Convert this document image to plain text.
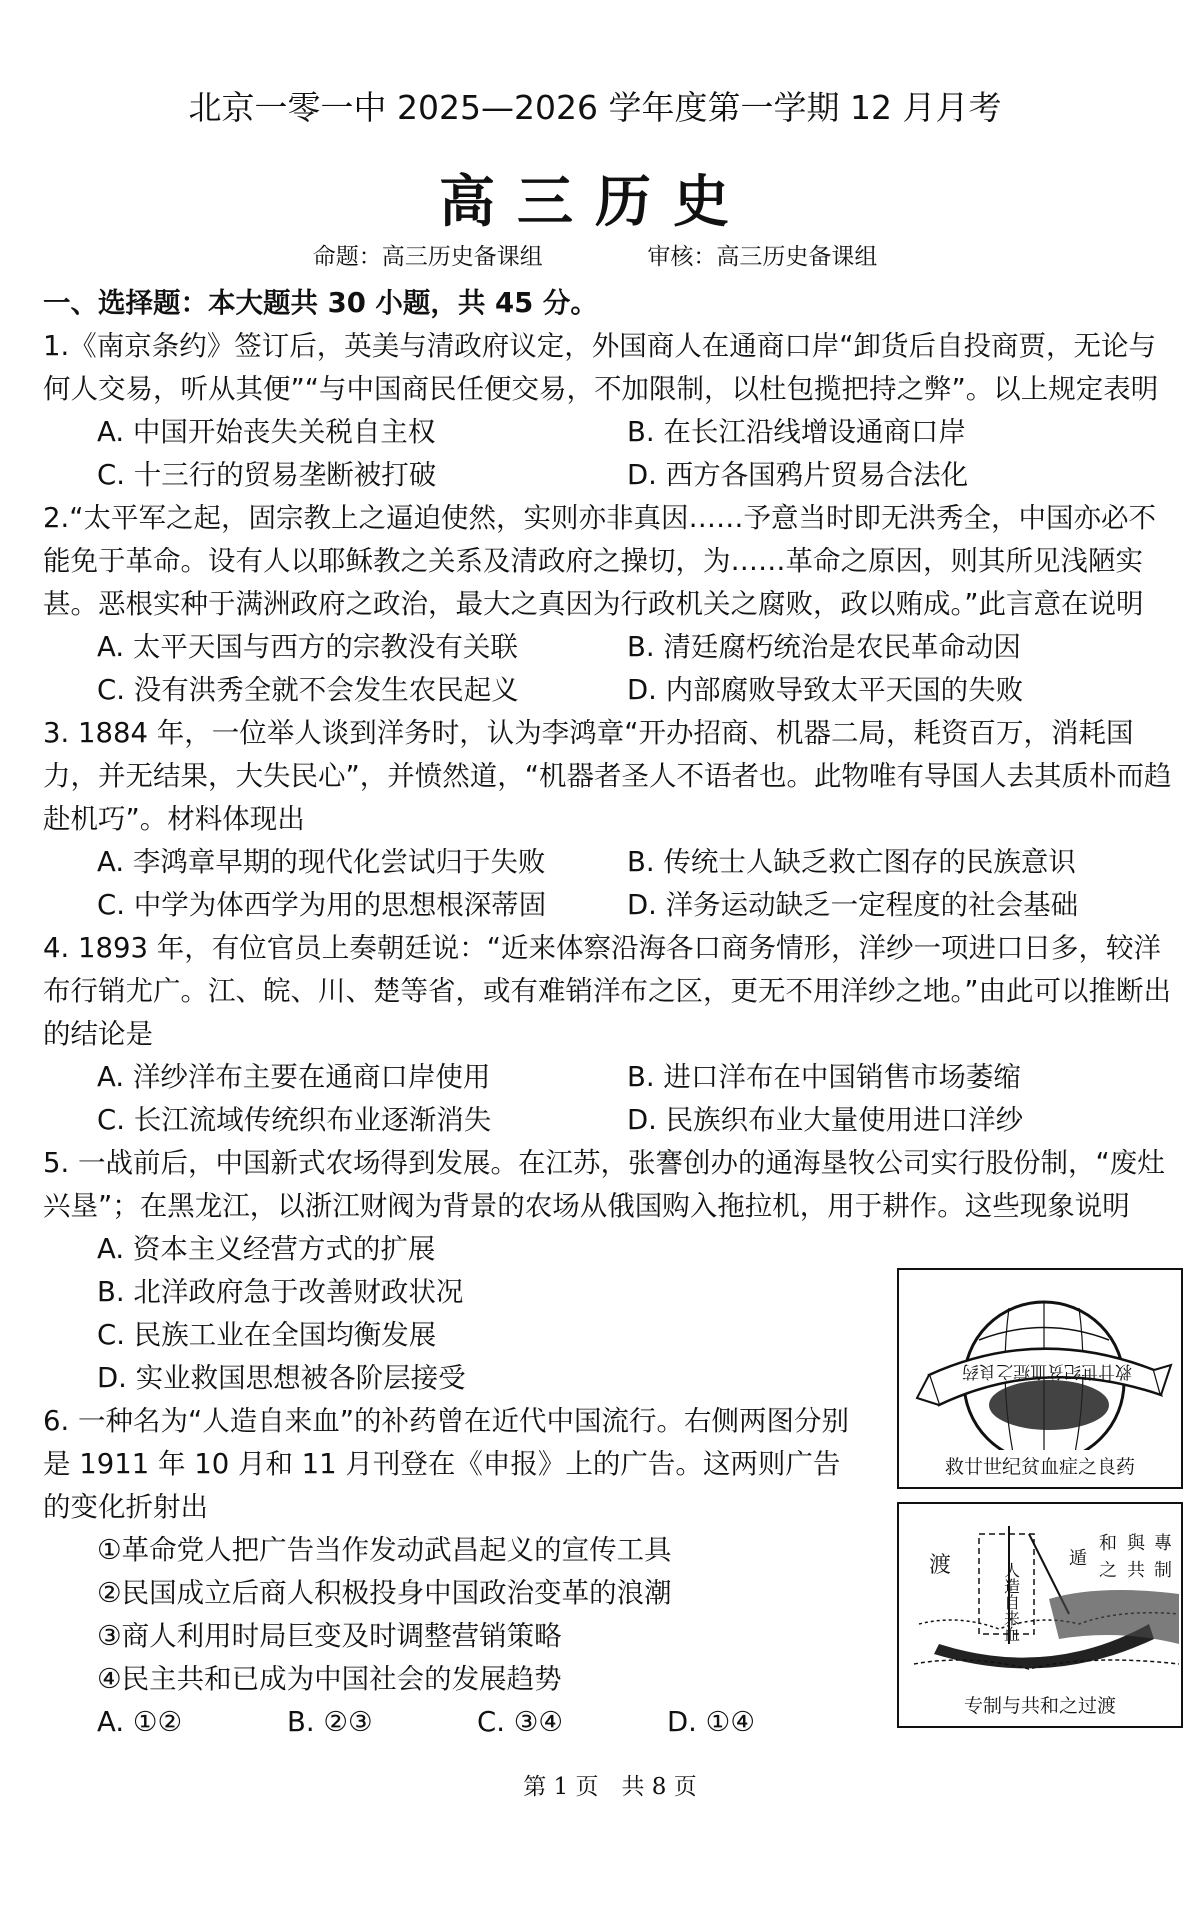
北京一零一中 2025—2026 学年度第一学期 12 月月考
高三历史
命题：高三历史备课组	审核：高三历史备课组
一、选择题：本大题共 30 小题，共 45 分。
1.《南京条约》签订后，英美与清政府议定，外国商人在通商口岸“卸货后自投商贾，无论与何人交易，听从其便”“与中国商民任便交易，不加限制，以杜包揽把持之弊”。以上规定表明
A. 中国开始丧失关税自主权	B. 在长江沿线增设通商口岸
C. 十三行的贸易垄断被打破	D. 西方各国鸦片贸易合法化
2.“太平军之起，固宗教上之逼迫使然，实则亦非真因……予意当时即无洪秀全，中国亦必不能免于革命。设有人以耶稣教之关系及清政府之操切，为……革命之原因，则其所见浅陋实甚。恶根实种于满洲政府之政治，最大之真因为行政机关之腐败，政以贿成。”此言意在说明
A. 太平天国与西方的宗教没有关联	B. 清廷腐朽统治是农民革命动因
C. 没有洪秀全就不会发生农民起义	D. 内部腐败导致太平天国的失败
3. 1884 年，一位举人谈到洋务时，认为李鸿章“开办招商、机器二局，耗资百万，消耗国力，并无结果，大失民心”，并愤然道，“机器者圣人不语者也。此物唯有导国人去其质朴而趋赴机巧”。材料体现出
A. 李鸿章早期的现代化尝试归于失败	B. 传统士人缺乏救亡图存的民族意识
C. 中学为体西学为用的思想根深蒂固	D. 洋务运动缺乏一定程度的社会基础
4. 1893 年，有位官员上奏朝廷说：“近来体察沿海各口商务情形，洋纱一项进口日多，较洋布行销尤广。江、皖、川、楚等省，或有难销洋布之区，更无不用洋纱之地。”由此可以推断出的结论是
A. 洋纱洋布主要在通商口岸使用	B. 进口洋布在中国销售市场萎缩
C. 长江流域传统织布业逐渐消失	D. 民族织布业大量使用进口洋纱
5. 一战前后，中国新式农场得到发展。在江苏，张謇创办的通海垦牧公司实行股份制，“废灶兴垦”；在黑龙江，以浙江财阀为背景的农场从俄国购入拖拉机，用于耕作。这些现象说明
A. 资本主义经营方式的扩展
B. 北洋政府急于改善财政状况
C. 民族工业在全国均衡发展
D. 实业救国思想被各阶层接受
6. 一种名为“人造自来血”的补药曾在近代中国流行。右侧两图分别是 1911 年 10 月和 11 月刊登在《申报》上的广告。这两则广告的变化折射出
①革命党人把广告当作发动武昌起义的宣传工具
②民国成立后商人积极投身中国政治变革的浪潮
③商人利用时局巨变及时调整营销策略
④民主共和已成为中国社会的发展趋势
A. ①②	B. ②③	C. ③④	D. ①④
救廿世纪贫血症之良药
救廿世纪贫血症之良药
渡	人造自来血
遁
和
之
與
共
專
制
专制与共和之过渡
第 1 页　共 8 页
